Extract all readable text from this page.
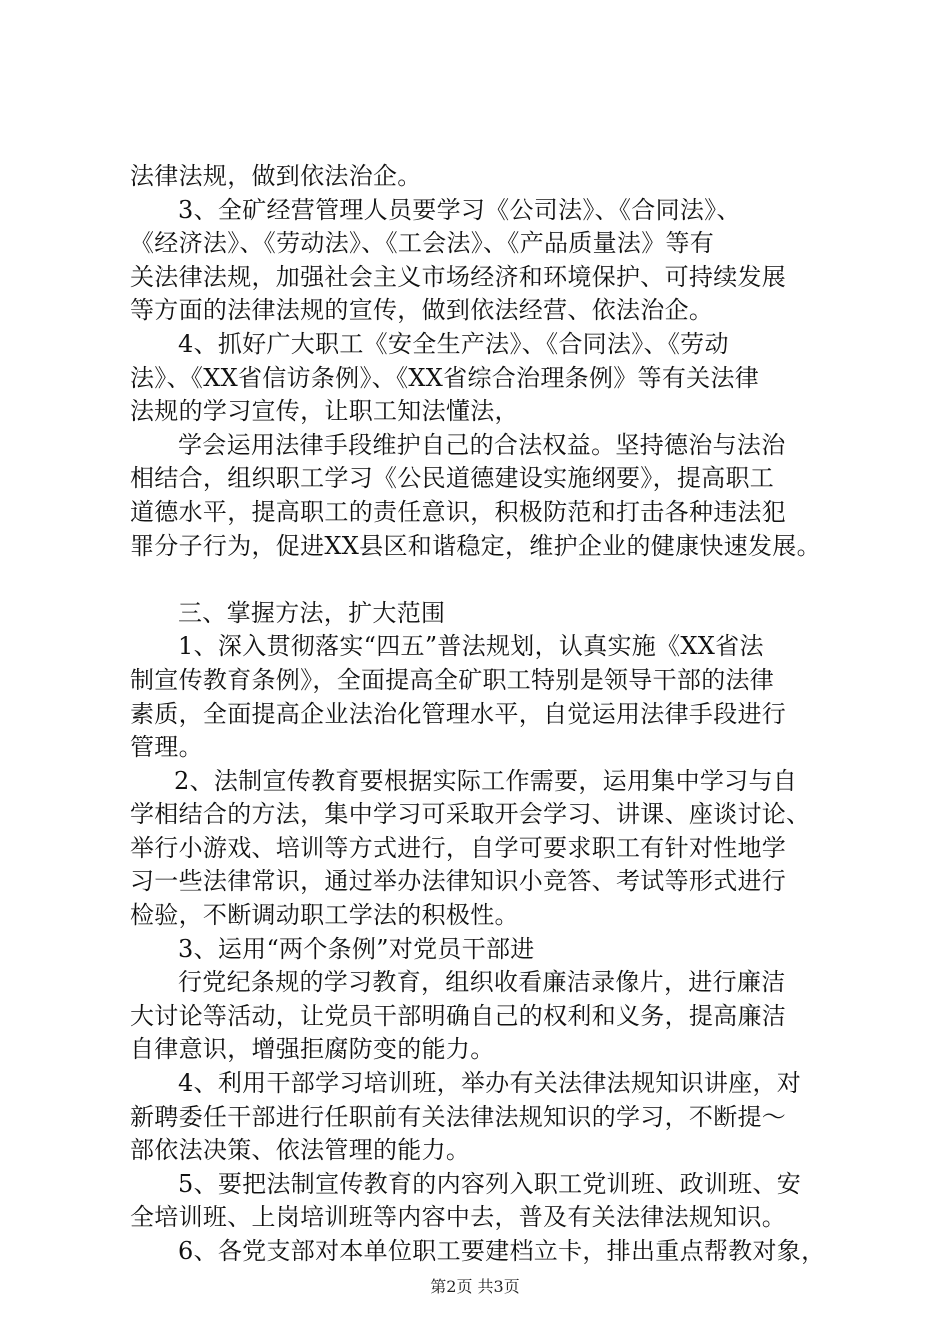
法律法规，做到依法治企。
3、全矿经营管理人员要学习《公司法》、《合同法》、
《经济法》、《劳动法》、《工会法》、《产品质量法》等有
关法律法规，加强社会主义市场经济和环境保护、可持续发展
等方面的法律法规的宣传，做到依法经营、依法治企。
4、抓好广大职工《安全生产法》、《合同法》、《劳动
法》、《XX省信访条例》、《XX省综合治理条例》等有关法律
法规的学习宣传，让职工知法懂法，
学会运用法律手段维护自己的合法权益。坚持德治与法治
相结合，组织职工学习《公民道德建设实施纲要》，提高职工
道德水平，提高职工的责任意识，积极防范和打击各种违法犯
罪分子行为，促进XX县区和谐稳定，维护企业的健康快速发展。
三、掌握方法，扩大范围
1、深入贯彻落实“四五”普法规划，认真实施《XX省法
制宣传教育条例》，全面提高全矿职工特别是领导干部的法律
素质，全面提高企业法治化管理水平，自觉运用法律手段进行
管理。
2、法制宣传教育要根据实际工作需要，运用集中学习与自
学相结合的方法，集中学习可采取开会学习、讲课、座谈讨论、
举行小游戏、培训等方式进行，自学可要求职工有针对性地学
习一些法律常识，通过举办法律知识小竞答、考试等形式进行
检验，不断调动职工学法的积极性。
3、运用“两个条例”对党员干部进
行党纪条规的学习教育，组织收看廉洁录像片，进行廉洁
大讨论等活动，让党员干部明确自己的权利和义务，提高廉洁
自律意识，增强拒腐防变的能力。
4、利用干部学习培训班，举办有关法律法规知识讲座，对
新聘委任干部进行任职前有关法律法规知识的学习，不断提～
部依法决策、依法管理的能力。
5、要把法制宣传教育的内容列入职工党训班、政训班、安
全培训班、上岗培训班等内容中去，普及有关法律法规知识。
6、各党支部对本单位职工要建档立卡，排出重点帮教对象，
第2页 共3页
